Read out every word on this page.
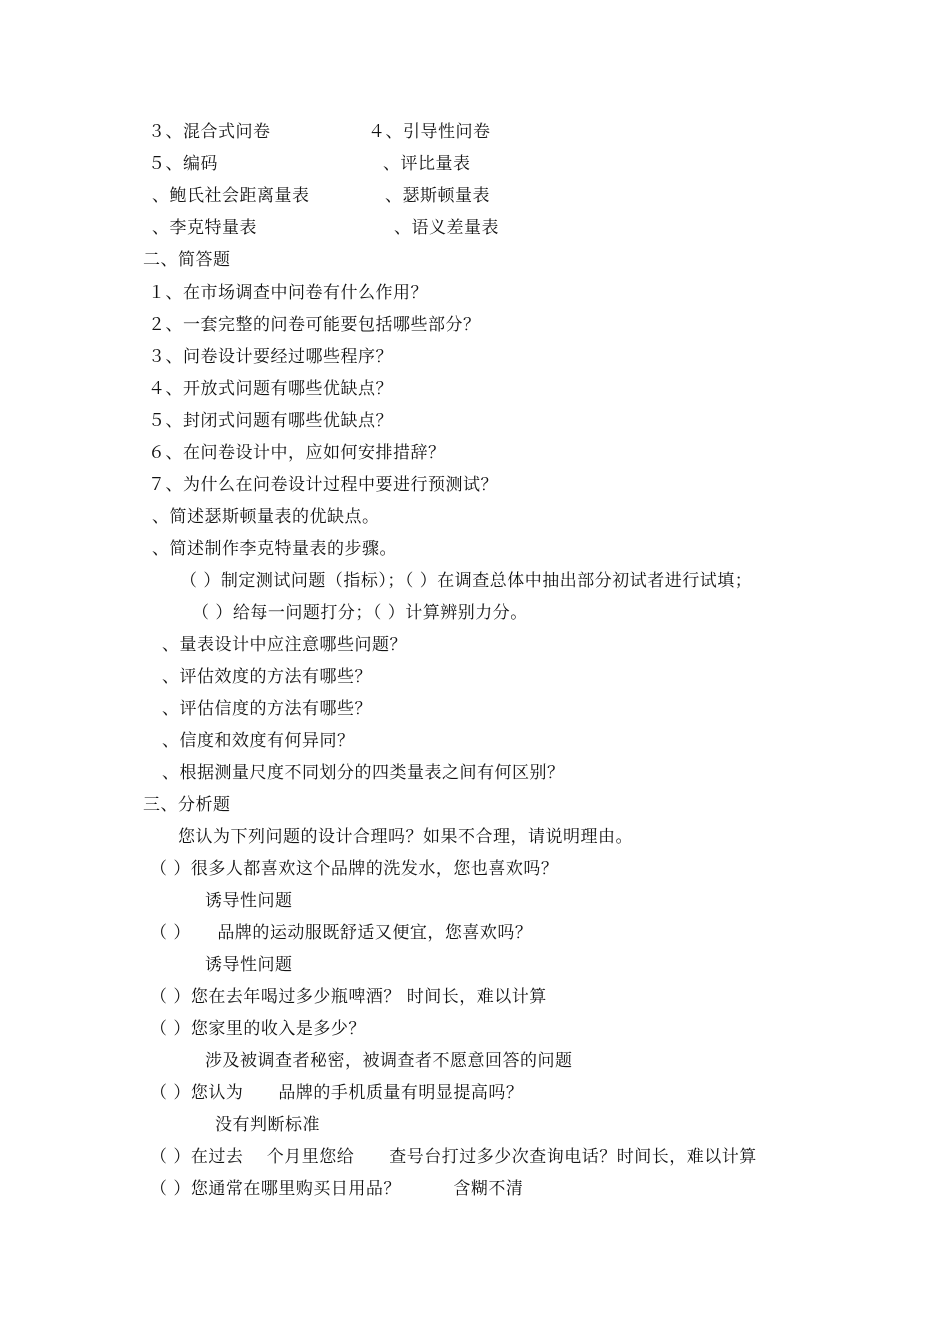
３、混合式问卷	４、引导性问卷
５、编码	、评比量表
、鲍氏社会距离量表	、瑟斯顿量表
、李克特量表	、语义差量表
二、简答题
１、在市场调查中问卷有什么作用？
２、一套完整的问卷可能要包括哪些部分？
３、问卷设计要经过哪些程序？
４、开放式问题有哪些优缺点？
５、封闭式问题有哪些优缺点？
６、在问卷设计中，应如何安排措辞？
７、为什么在问卷设计过程中要进行预测试？
、简述瑟斯顿量表的优缺点。
、简述制作李克特量表的步骤。
（ ）制定测试问题（指标）；（ ）在调查总体中抽出部分初试者进行试填；
（ ）给每一问题打分；（ ）计算辨别力分。
、量表设计中应注意哪些问题？
、评估效度的方法有哪些？
、评估信度的方法有哪些？
、信度和效度有何异同？
、根据测量尺度不同划分的四类量表之间有何区别？
三、分析题
您认为下列问题的设计合理吗？如果不合理，请说明理由。
（ ）很多人都喜欢这个品牌的洗发水，您也喜欢吗？
诱导性问题
（ ）　　品牌的运动服既舒适又便宜，您喜欢吗？
诱导性问题
（ ）您在去年喝过多少瓶啤酒？ 时间长，难以计算
（ ）您家里的收入是多少？
涉及被调查者秘密，被调查者不愿意回答的问题
（ ）您认为　　品牌的手机质量有明显提高吗？
没有判断标准
（ ）在过去　 个月里您给　　查号台打过多少次查询电话？时间长，难以计算
（ ）您通常在哪里购买日用品？　　　含糊不清
